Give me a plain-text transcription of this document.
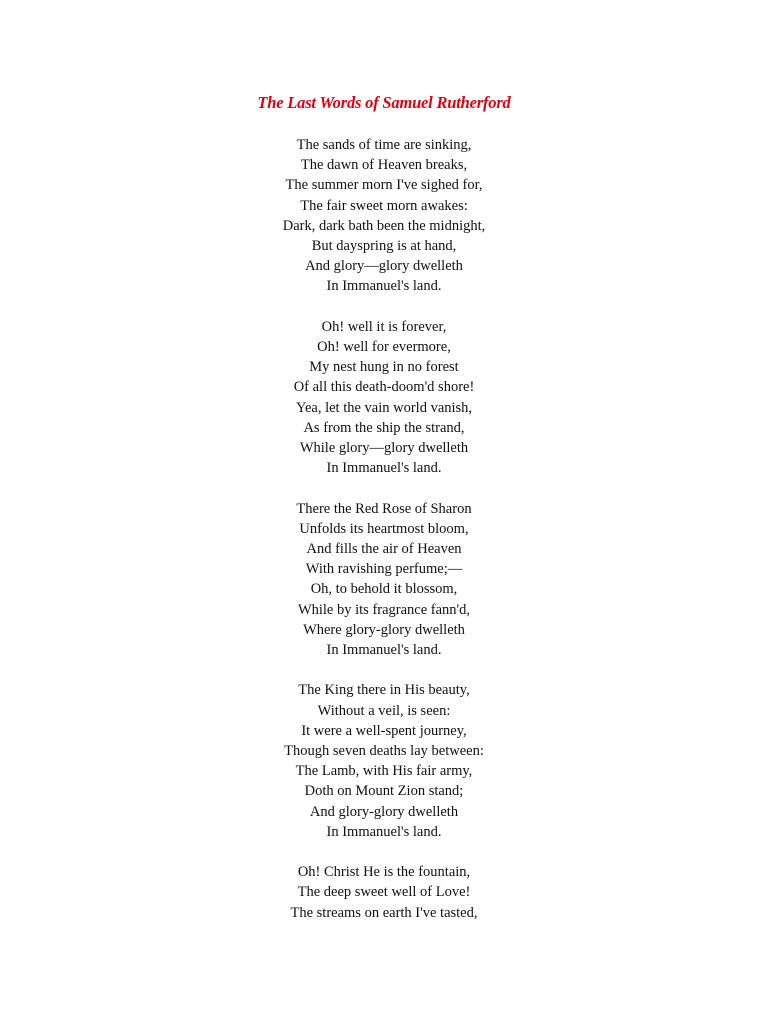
The Last Words of Samuel Rutherford
The sands of time are sinking,
The dawn of Heaven breaks,
The summer morn I've sighed for,
The fair sweet morn awakes:
Dark, dark bath been the midnight,
But dayspring is at hand,
And glory—glory dwelleth
In Immanuel's land.
Oh! well it is forever,
Oh! well for evermore,
My nest hung in no forest
Of all this death-doom'd shore!
Yea, let the vain world vanish,
As from the ship the strand,
While glory—glory dwelleth
In Immanuel's land.
There the Red Rose of Sharon
Unfolds its heartmost bloom,
And fills the air of Heaven
With ravishing perfume;—
Oh, to behold it blossom,
While by its fragrance fann'd,
Where glory-glory dwelleth
In Immanuel's land.
The King there in His beauty,
Without a veil, is seen:
It were a well-spent journey,
Though seven deaths lay between:
The Lamb, with His fair army,
Doth on Mount Zion stand;
And glory-glory dwelleth
In Immanuel's land.
Oh! Christ He is the fountain,
The deep sweet well of Love!
The streams on earth I've tasted,
